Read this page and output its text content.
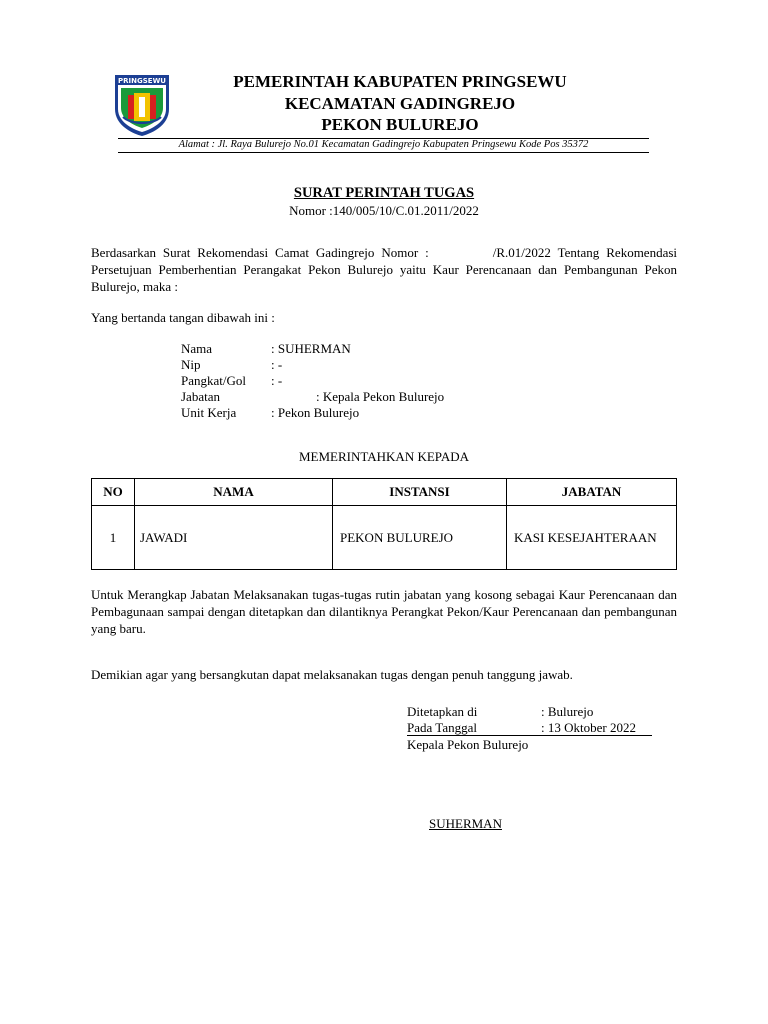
PRINGSEWU	PEMERINTAH KABUPATEN PRINGSEWU
KECAMATAN GADINGREJO
PEKON BULUREJO
Alamat : Jl. Raya Bulurejo No.01 Kecamatan Gadingrejo Kabupaten Pringsewu Kode Pos 35372
SURAT PERINTAH TUGAS
Nomor :140/005/10/C.01.2011/2022
Berdasarkan Surat Rekomendasi Camat Gadingrejo Nomor :	/R.01/2022 Tentang Rekomendasi Persetujuan Pemberhentian Perangakat Pekon Bulurejo yaitu Kaur Perencanaan dan Pembangunan Pekon Bulurejo, maka :
Yang bertanda tangan dibawah ini :
Nama	: SUHERMAN
Nip	: -
Pangkat/Gol : -
Jabatan	: Kepala Pekon Bulurejo
Unit Kerja	: Pekon Bulurejo
MEMERINTAHKAN KEPADA
NO	NAMA	INSTANSI	JABATAN
1	JAWADI	PEKON BULUREJO	KASI KESEJAHTERAAN
Untuk Merangkap Jabatan Melaksanakan tugas-tugas rutin jabatan yang kosong sebagai Kaur Perencanaan dan Pembagunaan sampai dengan ditetapkan dan dilantiknya Perangkat Pekon/Kaur Perencanaan dan pembangunan yang baru.
Demikian agar yang bersangkutan dapat melaksanakan tugas dengan penuh tanggung jawab.
Ditetapkan di	: Bulurejo
Pada Tanggal	: 13 Oktober 2022
Kepala Pekon Bulurejo
SUHERMAN
